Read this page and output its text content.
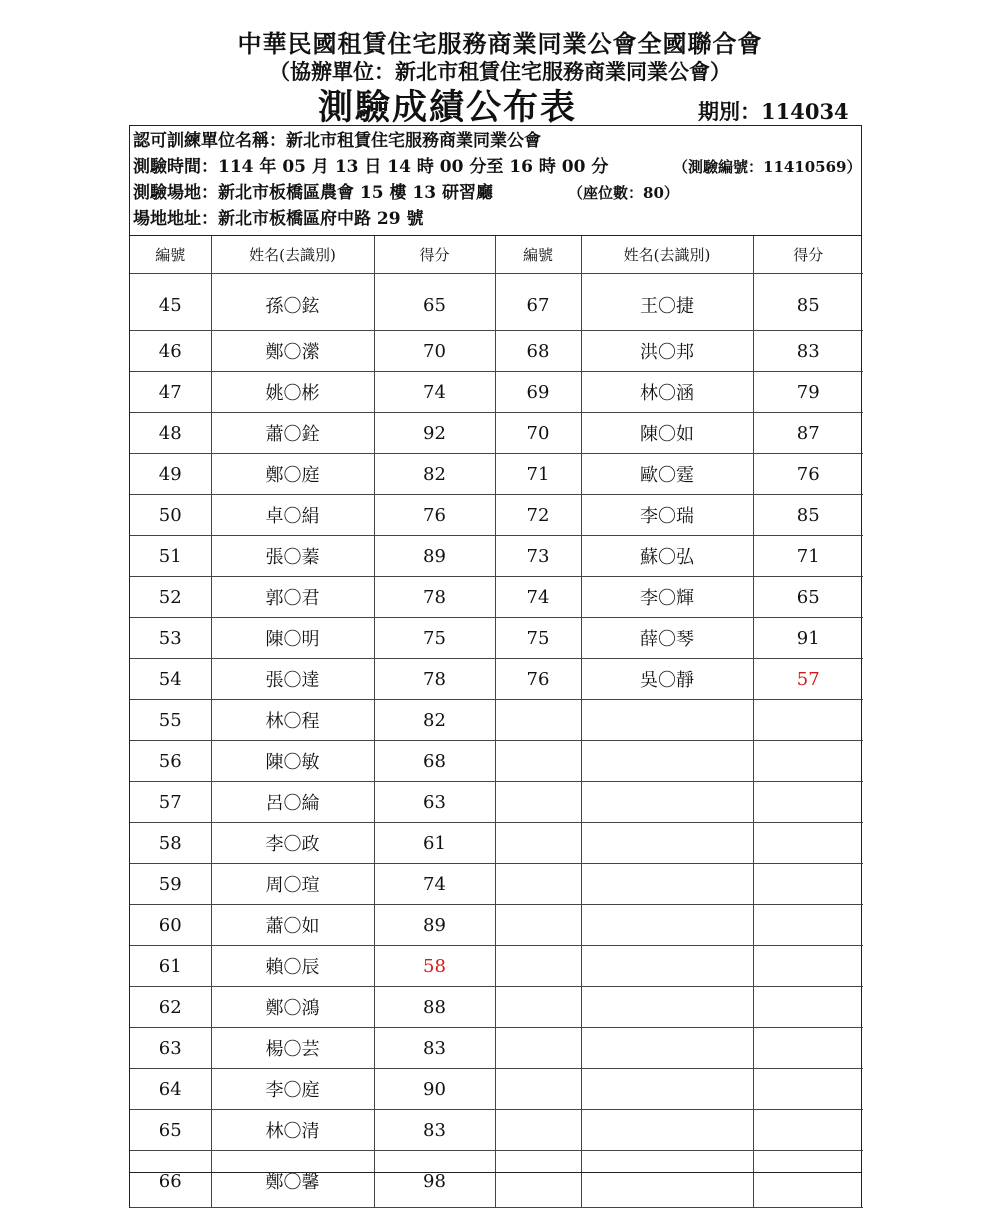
中華民國租賃住宅服務商業同業公會全國聯合會
（協辦單位：新北市租賃住宅服務商業同業公會）
測驗成績公布表	期別：114034
認可訓練單位名稱：新北市租賃住宅服務商業同業公會
測驗時間：114 年 05 月 13 日 14 時 00 分至 16 時 00 分	（測驗編號：11410569）
測驗場地：新北市板橋區農會 15 樓 13 研習廳	（座位數：80）
場地地址：新北市板橋區府中路 29 號
編號	姓名(去識別)	得分	編號	姓名(去識別)	得分
45	孫〇鉉	65	67	王〇捷	85
46	鄭〇瀠	70	68	洪〇邦	83
47	姚〇彬	74	69	林〇涵	79
48	蕭〇銓	92	70	陳〇如	87
49	鄭〇庭	82	71	歐〇霆	76
50	卓〇絹	76	72	李〇瑞	85
51	張〇蓁	89	73	蘇〇弘	71
52	郭〇君	78	74	李〇輝	65
53	陳〇明	75	75	薛〇琴	91
54	張〇達	78	76	吳〇靜	57
55	林〇程	82			
56	陳〇敏	68			
57	呂〇綸	63			
58	李〇政	61			
59	周〇瑄	74			
60	蕭〇如	89			
61	賴〇辰	58			
62	鄭〇鴻	88			
63	楊〇芸	83			
64	李〇庭	90			
65	林〇清	83			
66	鄭〇馨	98			
